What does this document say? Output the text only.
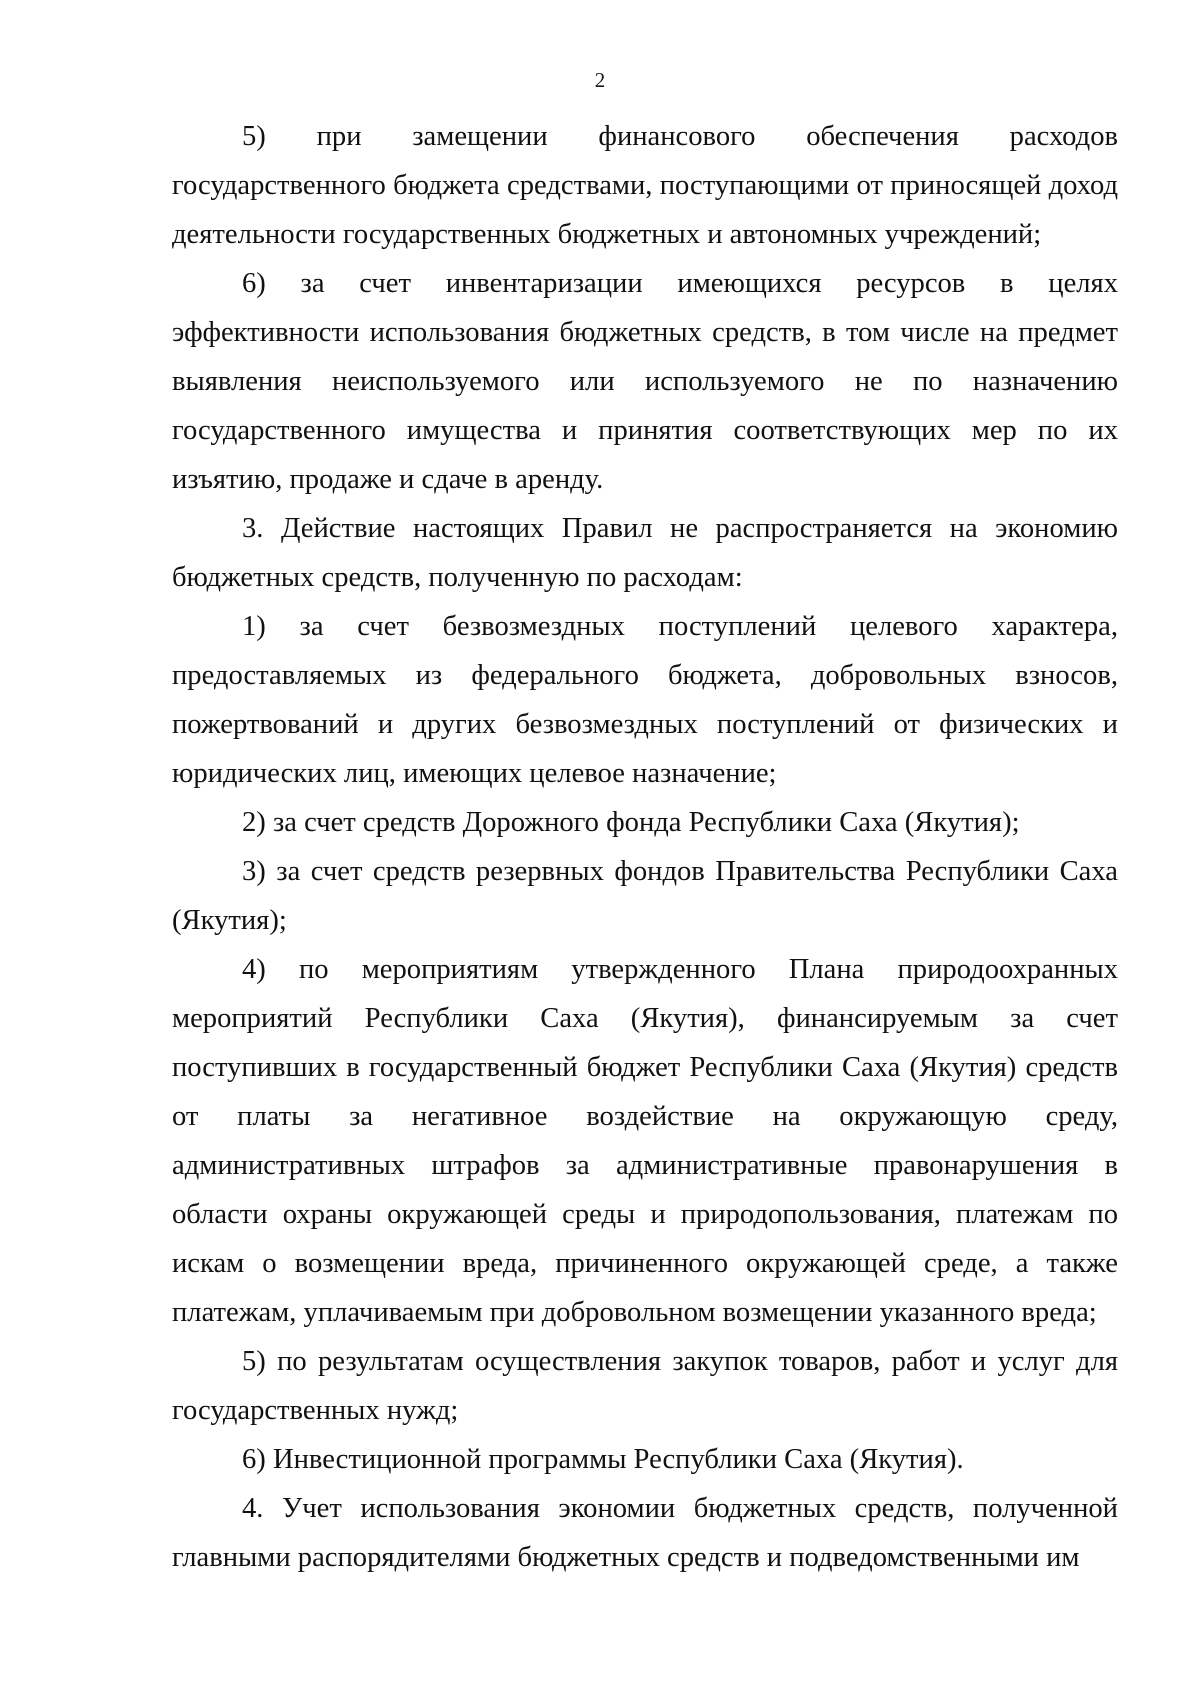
2

5) при замещении финансового обеспечения расходов государственного бюджета средствами, поступающими от приносящей доход деятельности государственных бюджетных и автономных учреждений;

6) за счет инвентаризации имеющихся ресурсов в целях эффективности использования бюджетных средств, в том числе на предмет выявления неиспользуемого или используемого не по назначению государственного имущества и принятия соответствующих мер по их изъятию, продаже и сдаче в аренду.

3. Действие настоящих Правил не распространяется на экономию бюджетных средств, полученную по расходам:

1) за счет безвозмездных поступлений целевого характера, предоставляемых из федерального бюджета, добровольных взносов, пожертвований и других безвозмездных поступлений от физических и юридических лиц, имеющих целевое назначение;

2) за счет средств Дорожного фонда Республики Саха (Якутия);

3) за счет средств резервных фондов Правительства Республики Саха (Якутия);

4) по мероприятиям утвержденного Плана природоохранных мероприятий Республики Саха (Якутия), финансируемым за счет поступивших в государственный бюджет Республики Саха (Якутия) средств от платы за негативное воздействие на окружающую среду, административных штрафов за административные правонарушения в области охраны окружающей среды и природопользования, платежам по искам о возмещении вреда, причиненного окружающей среде, а также платежам, уплачиваемым при добровольном возмещении указанного вреда;

5) по результатам осуществления закупок товаров, работ и услуг для государственных нужд;

6) Инвестиционной программы Республики Саха (Якутия).

4. Учет использования экономии бюджетных средств, полученной главными распорядителями бюджетных средств и подведомственными им
